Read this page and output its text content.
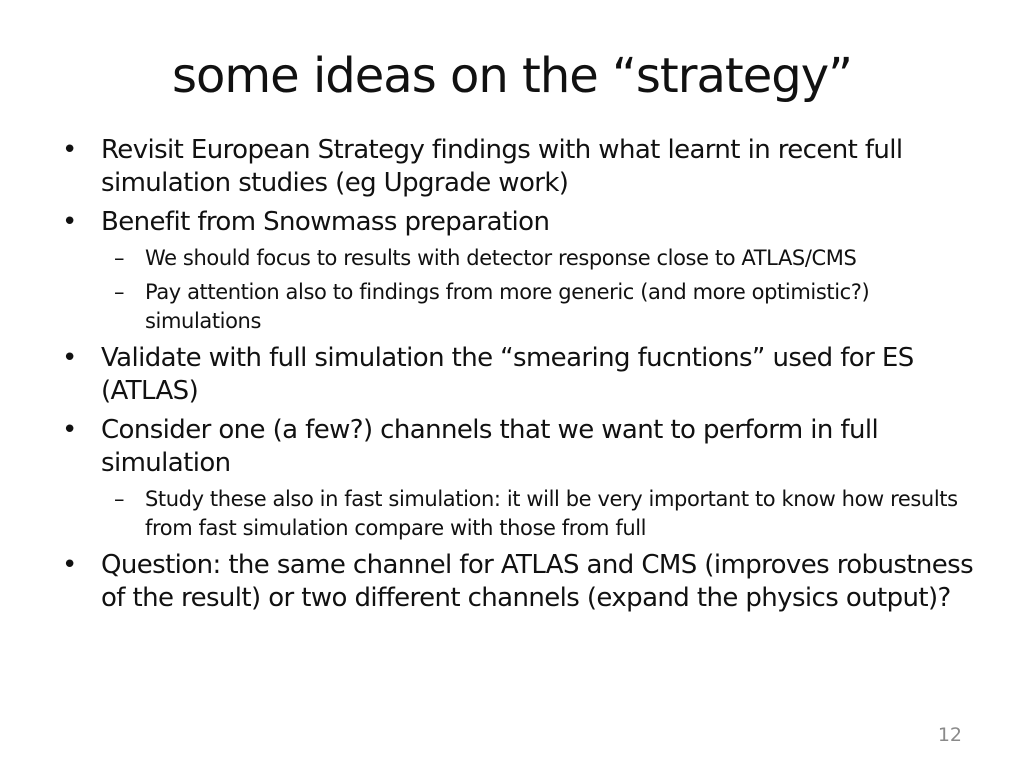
some ideas on the “strategy”
• Revisit European Strategy findings with what learnt in recent full simulation studies (eg Upgrade work)
• Benefit from Snowmass preparation
– We should focus to results with detector response close to ATLAS/CMS
– Pay attention also to findings from more generic (and more optimistic?) simulations
• Validate with full simulation the “smearing fucntions” used for ES (ATLAS)
• Consider one (a few?) channels that we want to perform in full simulation
– Study these also in fast simulation: it will be very important to know how results from fast simulation compare with those from full
• Question: the same channel for ATLAS and CMS (improves robustness of the result) or two different channels (expand the physics output)?
12
